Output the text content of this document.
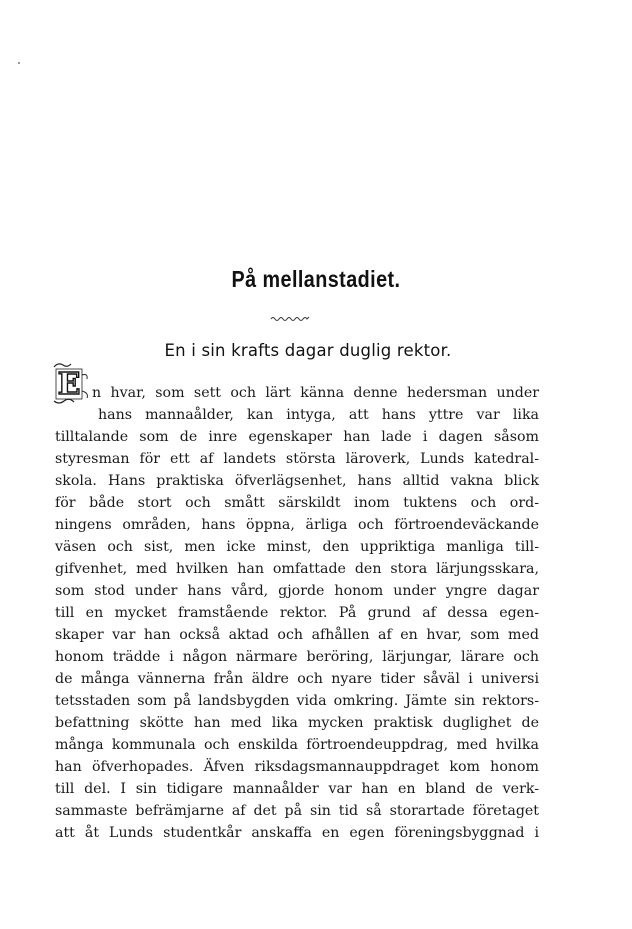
På mellanstadiet.
En i sin krafts dagar duglig rektor.
E n hvar, som sett och lärt känna denne hedersman under
hans mannaålder, kan intyga, att hans yttre var lika
tilltalande som de inre egenskaper han lade i dagen såsom
styresman för ett af landets största läroverk, Lunds katedral-
skola. Hans praktiska öfverlägsenhet, hans alltid vakna blick
för både stort och smått särskildt inom tuktens och ord-
ningens områden, hans öppna, ärliga och förtroendeväckande
väsen och sist, men icke minst, den uppriktiga manliga till-
gifvenhet, med hvilken han omfattade den stora lärjungsskara,
som stod under hans vård, gjorde honom under yngre dagar
till en mycket framstående rektor. På grund af dessa egen-
skaper var han också aktad och afhållen af en hvar, som med
honom trädde i någon närmare beröring, lärjungar, lärare och
de många vännerna från äldre och nyare tider såväl i universi
tetsstaden som på landsbygden vida omkring. Jämte sin rektors-
befattning skötte han med lika mycken praktisk duglighet de
många kommunala och enskilda förtroendeuppdrag, med hvilka
han öfverhopades. Äfven riksdagsmannauppdraget kom honom
till del. I sin tidigare mannaålder var han en bland de verk-
sammaste befrämjarne af det på sin tid så storartade företaget
att åt Lunds studentkår anskaffa en egen föreningsbyggnad i
